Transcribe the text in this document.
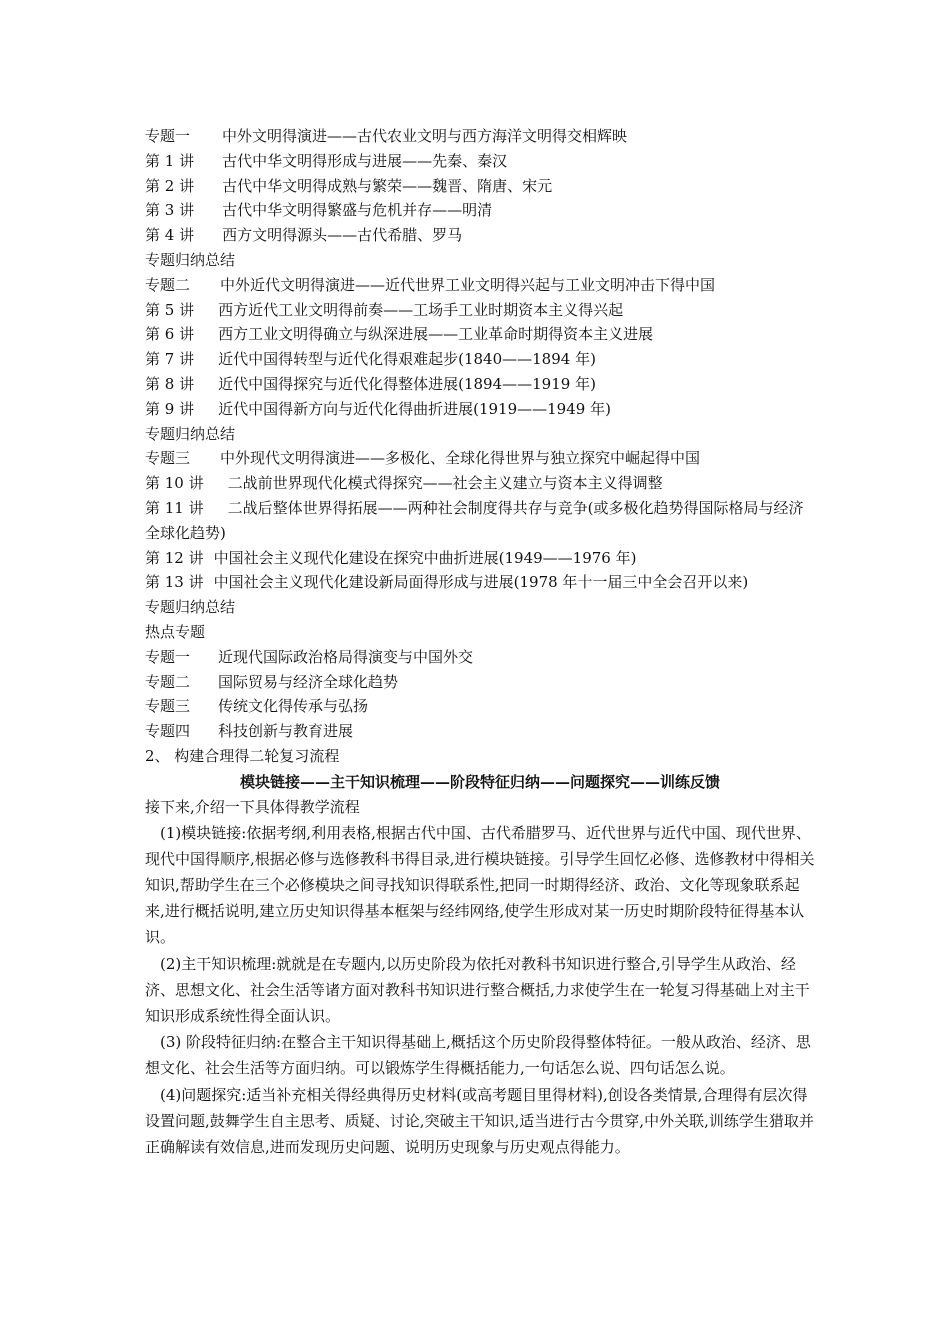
专题一 中外文明得演进——古代农业文明与西方海洋文明得交相辉映
第 1 讲 古代中华文明得形成与进展——先秦、秦汉
第 2 讲 古代中华文明得成熟与繁荣——魏晋、隋唐、宋元
第 3 讲 古代中华文明得繁盛与危机并存——明清
第 4 讲 西方文明得源头——古代希腊、罗马
专题归纳总结
专题二 中外近代文明得演进——近代世界工业文明得兴起与工业文明冲击下得中国
第 5 讲 西方近代工业文明得前奏——工场手工业时期资本主义得兴起
第 6 讲 西方工业文明得确立与纵深进展——工业革命时期得资本主义进展
第 7 讲 近代中国得转型与近代化得艰难起步(1840——1894 年)
第 8 讲 近代中国得探究与近代化得整体进展(1894——1919 年)
第 9 讲 近代中国得新方向与近代化得曲折进展(1919——1949 年)
专题归纳总结
专题三 中外现代文明得演进——多极化、全球化得世界与独立探究中崛起得中国
第 10 讲 二战前世界现代化模式得探究——社会主义建立与资本主义得调整
第 11 讲 二战后整体世界得拓展——两种社会制度得共存与竞争(或多极化趋势得国际格局与经济全球化趋势)
第 12 讲 中国社会主义现代化建设在探究中曲折进展(1949——1976 年)
第 13 讲 中国社会主义现代化建设新局面得形成与进展(1978 年十一届三中全会召开以来)
专题归纳总结
热点专题
专题一 近现代国际政治格局得演变与中国外交
专题二 国际贸易与经济全球化趋势
专题三 传统文化得传承与弘扬
专题四 科技创新与教育进展
2、 构建合理得二轮复习流程
模块链接——主干知识梳理——阶段特征归纳——问题探究——训练反馈
接下来,介绍一下具体得教学流程

(1)模块链接:依据考纲,利用表格,根据古代中国、古代希腊罗马、近代世界与近代中国、现代世界、现代中国得顺序,根据必修与选修教科书得目录,进行模块链接。引导学生回忆必修、选修教材中得相关知识,帮助学生在三个必修模块之间寻找知识得联系性,把同一时期得经济、政治、文化等现象联系起来,进行概括说明,建立历史知识得基本框架与经纬网络,使学生形成对某一历史时期阶段特征得基本认识。

(2)主干知识梳理:就就是在专题内,以历史阶段为依托对教科书知识进行整合,引导学生从政治、经济、思想文化、社会生活等诸方面对教科书知识进行整合概括,力求使学生在一轮复习得基础上对主干知识形成系统性得全面认识。

(3) 阶段特征归纳:在整合主干知识得基础上,概括这个历史阶段得整体特征。一般从政治、经济、思想文化、社会生活等方面归纳。可以锻炼学生得概括能力,一句话怎么说、四句话怎么说。

(4)问题探究:适当补充相关得经典得历史材料(或高考题目里得材料),创设各类情景,合理得有层次得设置问题,鼓舞学生自主思考、质疑、讨论,突破主干知识,适当进行古今贯穿,中外关联,训练学生猎取并正确解读有效信息,进而发现历史问题、说明历史现象与历史观点得能力。
